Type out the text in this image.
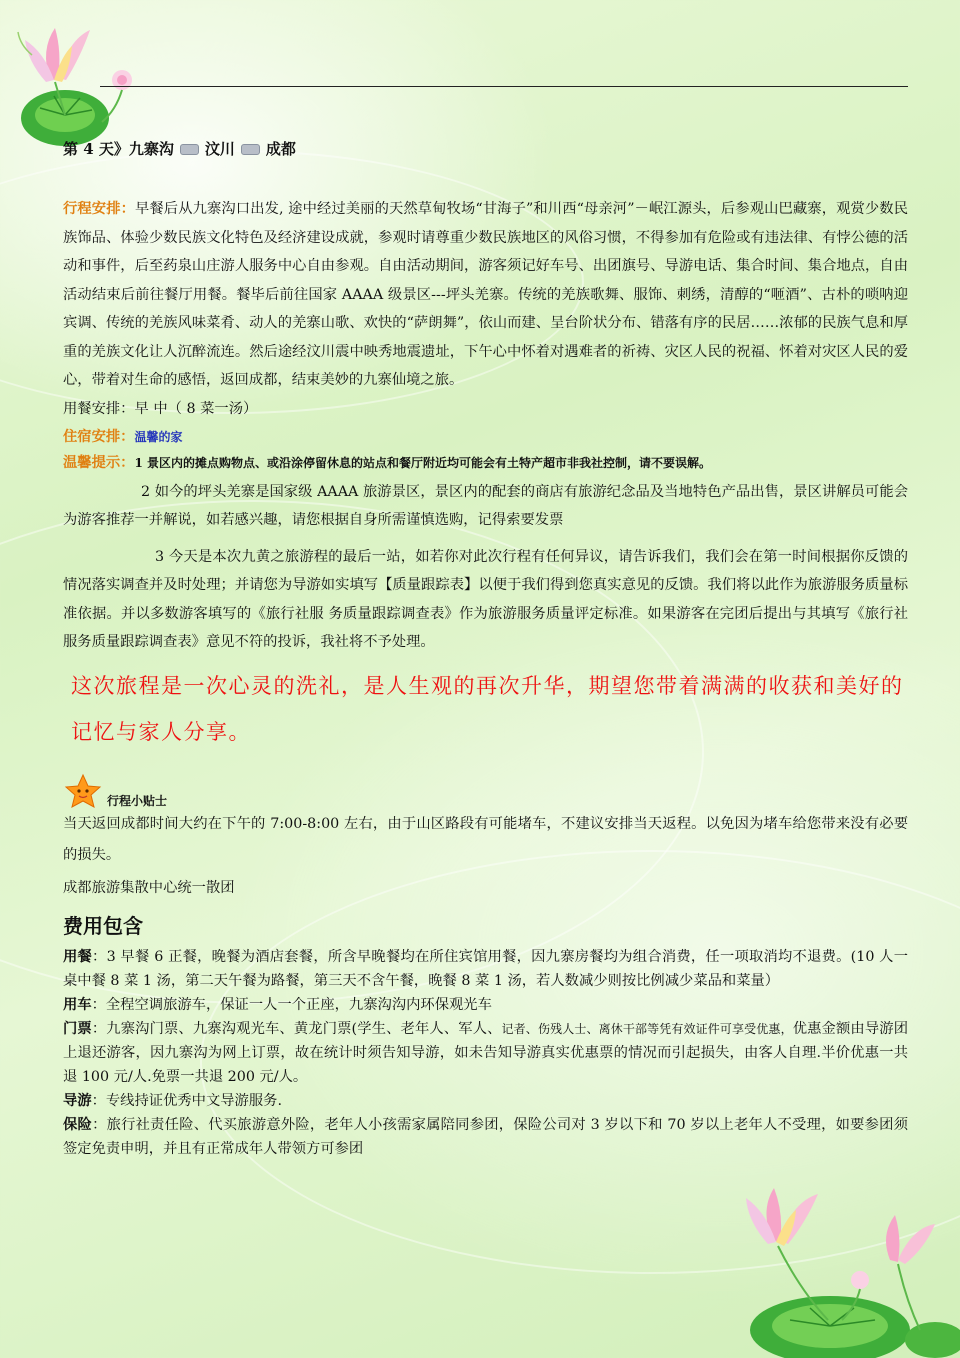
第 4 天》九寨沟 汶川 成都

行程安排：早餐后从九寨沟口出发, 途中经过美丽的天然草甸牧场“甘海子”和川西“母亲河”－岷江源头，后参观山巴藏寨，观赏少数民族饰品、体验少数民族文化特色及经济建设成就，参观时请尊重少数民族地区的风俗习惯，不得参加有危险或有违法律、有悖公德的活动和事件，后至药泉山庄游人服务中心自由参观。自由活动期间，游客须记好车号、出团旗号、导游电话、集合时间、集合地点，自由活动结束后前往餐厅用餐。餐毕后前往国家 AAAA 级景区---坪头羌寨。传统的羌族歌舞、服饰、刺绣，清醇的“咂酒”、古朴的唢呐迎宾调、传统的羌族风味菜肴、动人的羌寨山歌、欢快的“萨朗舞”，依山而建、呈台阶状分布、错落有序的民居……浓郁的民族气息和厚重的羌族文化让人沉醉流连。然后途经汶川震中映秀地震遗址，下午心中怀着对遇难者的祈祷、灾区人民的祝福、怀着对灾区人民的爱心，带着对生命的感悟，返回成都，结束美妙的九寨仙境之旅。

用餐安排：早 中（ 8 菜一汤）

住宿安排：温馨的家

温馨提示：1 景区内的摊点购物点、或沿涂停留休息的站点和餐厅附近均可能会有土特产超市非我社控制，请不要误解。

2 如今的坪头羌寨是国家级 AAAA 旅游景区，景区内的配套的商店有旅游纪念品及当地特色产品出售，景区讲解员可能会为游客推荐一并解说，如若感兴趣，请您根据自身所需谨慎选购，记得索要发票

3 今天是本次九黄之旅游程的最后一站，如若你对此次行程有任何异议，请告诉我们，我们会在第一时间根据你反馈的情况落实调查并及时处理；并请您为导游如实填写【质量跟踪表】以便于我们得到您真实意见的反馈。我们将以此作为旅游服务质量标准依据。并以多数游客填写的《旅行社服 务质量跟踪调查表》作为旅游服务质量评定标准。如果游客在完团后提出与其填写《旅行社服务质量跟踪调查表》意见不符的投诉，我社将不予处理。

这次旅程是一次心灵的洗礼，是人生观的再次升华，期望您带着满满的收获和美好的记忆与家人分享。

行程小贴士

当天返回成都时间大约在下午的 7:00-8:00 左右，由于山区路段有可能堵车，不建议安排当天返程。以免因为堵车给您带来没有必要的损失。

成都旅游集散中心统一散团

费用包含

用餐：3 早餐 6 正餐，晚餐为酒店套餐，所含早晚餐均在所住宾馆用餐，因九寨房餐均为组合消费，任一项取消均不退费。(10 人一桌中餐 8 菜 1 汤，第二天午餐为路餐，第三天不含午餐，晚餐 8 菜 1 汤，若人数减少则按比例减少菜品和菜量）

用车：全程空调旅游车，保证一人一个正座，九寨沟沟内环保观光车

门票：九寨沟门票、九寨沟观光车、黄龙门票(学生、老年人、军人、记者、伤残人士、离休干部等凭有效证件可享受优惠，优惠金额由导游团上退还游客，因九寨沟为网上订票，故在统计时须告知导游，如未告知导游真实优惠票的情况而引起损失，由客人自理.半价优惠一共退 100 元/人.免票一共退 200 元/人。

导游：专线持证优秀中文导游服务.

保险：旅行社责任险、代买旅游意外险，老年人小孩需家属陪同参团，保险公司对 3 岁以下和 70 岁以上老年人不受理，如要参团须签定免责申明，并且有正常成年人带领方可参团
